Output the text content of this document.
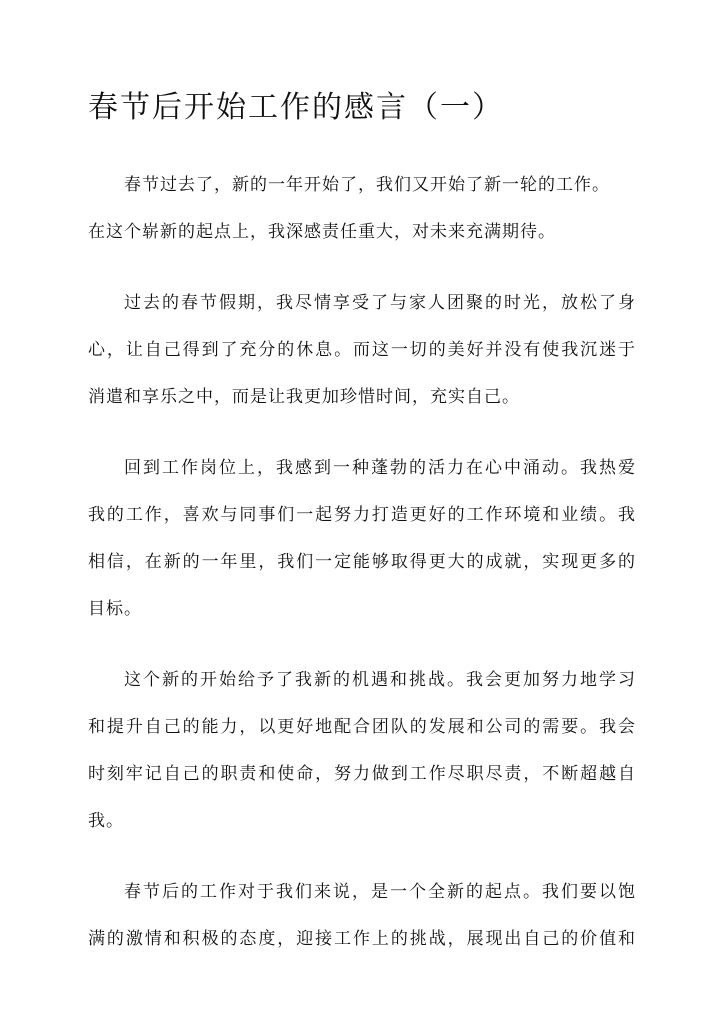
春节后开始工作的感言（一）

春节过去了，新的一年开始了，我们又开始了新一轮的工作。
在这个崭新的起点上，我深感责任重大，对未来充满期待。

过去的春节假期，我尽情享受了与家人团聚的时光，放松了身
心，让自己得到了充分的休息。而这一切的美好并没有使我沉迷于
消遣和享乐之中，而是让我更加珍惜时间，充实自己。

回到工作岗位上，我感到一种蓬勃的活力在心中涌动。我热爱
我的工作，喜欢与同事们一起努力打造更好的工作环境和业绩。我
相信，在新的一年里，我们一定能够取得更大的成就，实现更多的
目标。

这个新的开始给予了我新的机遇和挑战。我会更加努力地学习
和提升自己的能力，以更好地配合团队的发展和公司的需要。我会
时刻牢记自己的职责和使命，努力做到工作尽职尽责，不断超越自
我。

春节后的工作对于我们来说，是一个全新的起点。我们要以饱
满的激情和积极的态度，迎接工作上的挑战，展现出自己的价值和
